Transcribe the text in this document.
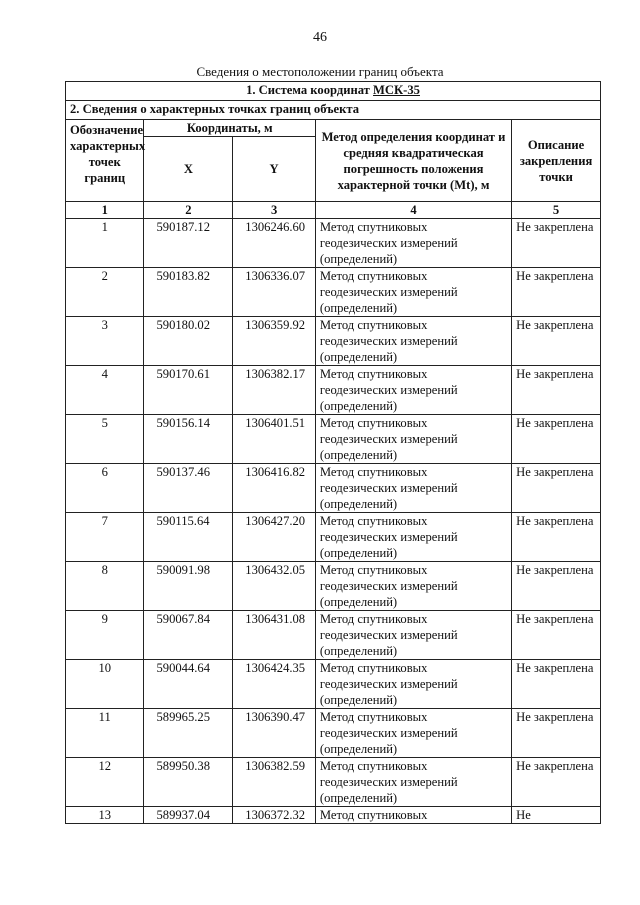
46
Сведения о местоположении границ объекта
1. Система координат МСК-35				
2. Сведения о характерных точках границ объекта				
Обозначение характерных точек границ	Координаты, м		Метод определения координат и средняя квадратическая погрешность положения характерной точки (Мt), м	Описание закрепления точки
	X	Y		
1	2	3	4	5
1	590187.12	1306246.60	Метод спутниковых геодезических измерений (определений)	Не закреплена
2	590183.82	1306336.07	Метод спутниковых геодезических измерений (определений)	Не закреплена
3	590180.02	1306359.92	Метод спутниковых геодезических измерений (определений)	Не закреплена
4	590170.61	1306382.17	Метод спутниковых геодезических измерений (определений)	Не закреплена
5	590156.14	1306401.51	Метод спутниковых геодезических измерений (определений)	Не закреплена
6	590137.46	1306416.82	Метод спутниковых геодезических измерений (определений)	Не закреплена
7	590115.64	1306427.20	Метод спутниковых геодезических измерений (определений)	Не закреплена
8	590091.98	1306432.05	Метод спутниковых геодезических измерений (определений)	Не закреплена
9	590067.84	1306431.08	Метод спутниковых геодезических измерений (определений)	Не закреплена
10	590044.64	1306424.35	Метод спутниковых геодезических измерений (определений)	Не закреплена
11	589965.25	1306390.47	Метод спутниковых геодезических измерений (определений)	Не закреплена
12	589950.38	1306382.59	Метод спутниковых геодезических измерений (определений)	Не закреплена
13	589937.04	1306372.32	Метод спутниковых	Не
